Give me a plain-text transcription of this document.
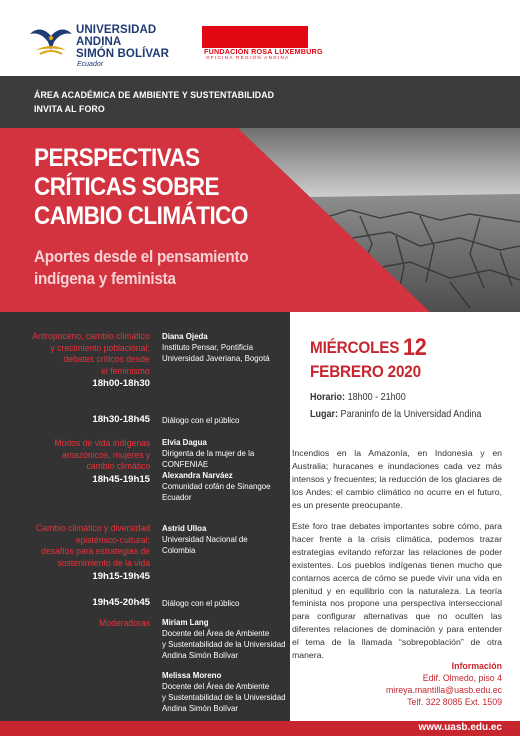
UNIVERSIDAD ANDINA
SIMÓN BOLÍVAR
Ecuador
FUNDACIÓN ROSA LUXEMBURG
OFICINA REGIÓN ANDINA
ÁREA ACADÉMICA DE AMBIENTE Y SUSTENTABILIDAD
INVITA AL FORO
PERSPECTIVAS
CRÍTICAS SOBRE
CAMBIO CLIMÁTICO
Aportes desde el pensamiento
indígena y feminista
Antropoceno, cambio climático
y crecimiento poblacional:
debates críticos desde
el feminismo
18h00-18h30
Diana Ojeda
Instituto Pensar, Pontificia
Universidad Javeriana, Bogotá
18h30-18h45 Diálogo con el público
Modos de vida indígenas
amazónicos, mujeres y
cambio climático
18h45-19h15
Elvia Dagua
Dirigenta de la mujer de la
CONFENIAE
Alexandra Narváez
Comunidad cofán de Sinangoe
Ecuador
Cambio climático y diversidad
epistémico-cultural:
desafíos para estrategias de
sostenimiento de la vida
19h15-19h45
Astrid Ulloa
Universidad Nacional de
Colombia
19h45-20h45 Diálogo con el público
Moderadoras Miriam Lang
Docente del Área de Ambiente
y Sustentabilidad de la Universidad
Andina Simón Bolívar
Melissa Moreno
Docente del Área de Ambiente
y Sustentabilidad de la Universidad
Andina Simón Bolívar
MIÉRCOLES 12
FEBRERO 2020
Horario: 18h00 - 21h00
Lugar: Paraninfo de la Universidad Andina
Incendios en la Amazonía, en Indonesia y en Australia; huracanes e inundaciones cada vez más intensos y frecuentes; la reducción de los glaciares de los Andes: el cambio climático no ocurre en el futuro, es un presente preocupante.
Este foro trae debates importantes sobre cómo, para hacer frente a la crisis climática, podemos trazar estrategias evitando reforzar las relaciones de poder existentes. Los pueblos indígenas tienen mucho que contarnos acerca de cómo se puede vivir una vida en plenitud y en equilibrio con la naturaleza. La teoría feminista nos propone una perspectiva interseccional para configurar alternativas que no oculten las diferentes relaciones de dominación y para entender el tema de la llamada “sobrepoblación” de otra manera.
Información
Edif. Olmedo, piso 4
mireya.mantilla@uasb.edu.ec
Telf. 322 8085 Ext. 1509
www.uasb.edu.ec
